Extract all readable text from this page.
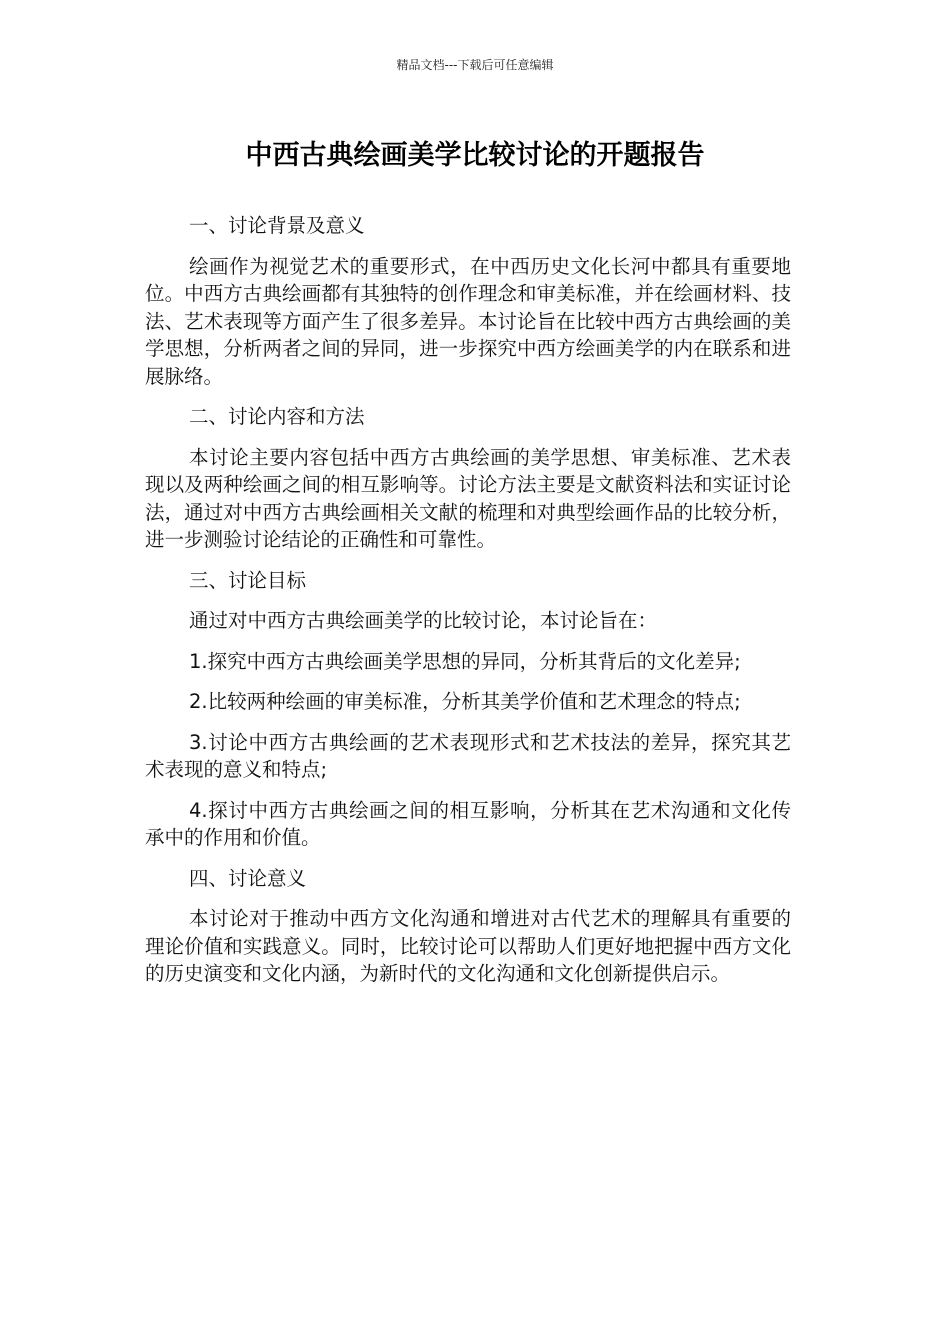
精品文档---下载后可任意编辑
中西古典绘画美学比较讨论的开题报告

一、讨论背景及意义

绘画作为视觉艺术的重要形式，在中西历史文化长河中都具有重要地位。中西方古典绘画都有其独特的创作理念和审美标准，并在绘画材料、技法、艺术表现等方面产生了很多差异。本讨论旨在比较中西方古典绘画的美学思想，分析两者之间的异同，进一步探究中西方绘画美学的内在联系和进展脉络。

二、讨论内容和方法

本讨论主要内容包括中西方古典绘画的美学思想、审美标准、艺术表现以及两种绘画之间的相互影响等。讨论方法主要是文献资料法和实证讨论法，通过对中西方古典绘画相关文献的梳理和对典型绘画作品的比较分析，进一步测验讨论结论的正确性和可靠性。

三、讨论目标

通过对中西方古典绘画美学的比较讨论，本讨论旨在：

1.探究中西方古典绘画美学思想的异同，分析其背后的文化差异;

2.比较两种绘画的审美标准，分析其美学价值和艺术理念的特点;

3.讨论中西方古典绘画的艺术表现形式和艺术技法的差异，探究其艺术表现的意义和特点;

4.探讨中西方古典绘画之间的相互影响，分析其在艺术沟通和文化传承中的作用和价值。

四、讨论意义

本讨论对于推动中西方文化沟通和增进对古代艺术的理解具有重要的理论价值和实践意义。同时，比较讨论可以帮助人们更好地把握中西方文化的历史演变和文化内涵，为新时代的文化沟通和文化创新提供启示。
